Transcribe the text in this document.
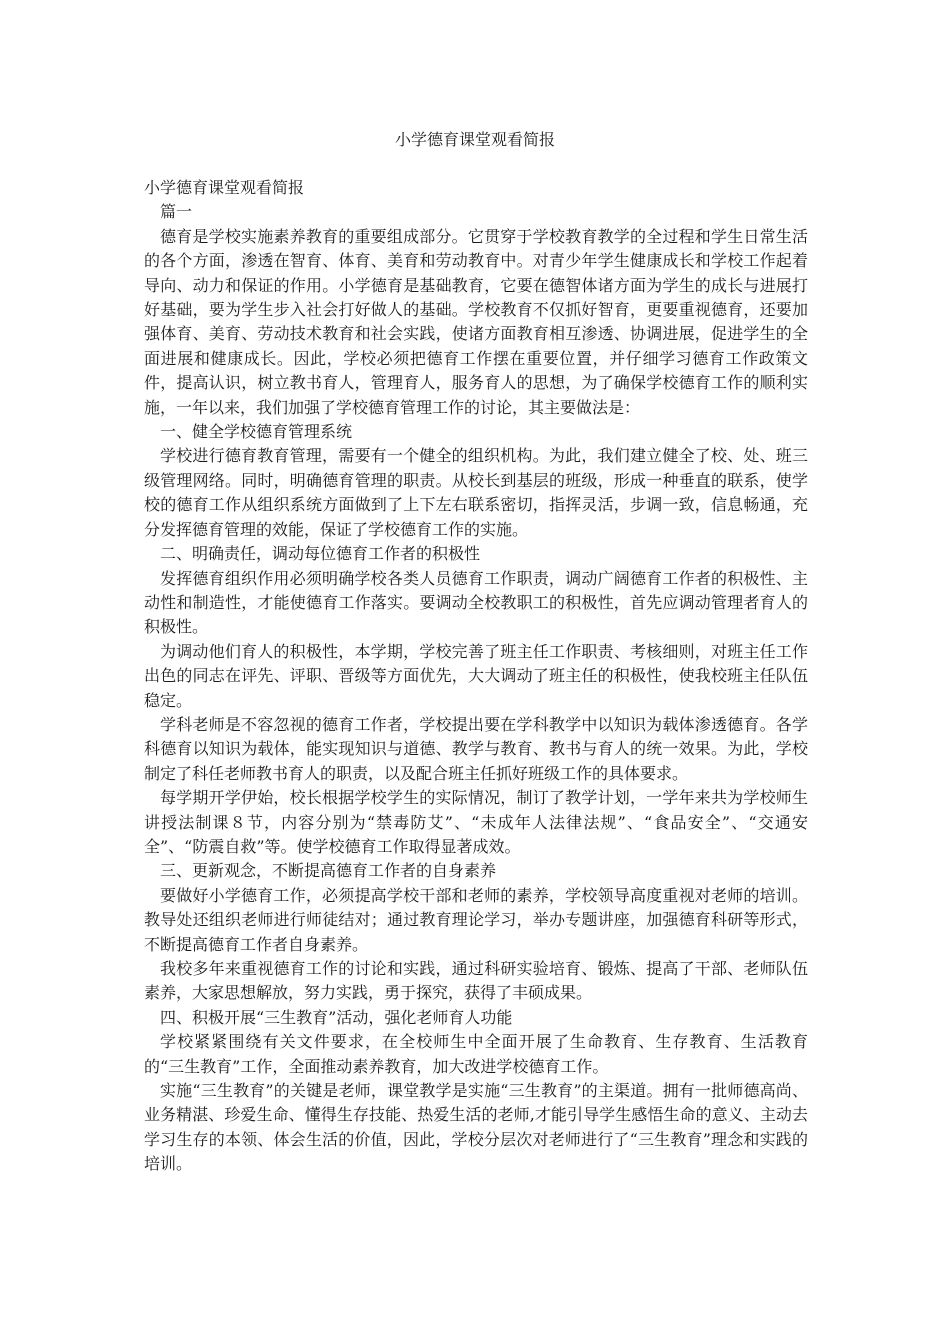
小学德育课堂观看简报

小学德育课堂观看简报

篇一

德育是学校实施素养教育的重要组成部分。它贯穿于学校教育教学的全过程和学生日常生活的各个方面，渗透在智育、体育、美育和劳动教育中。对青少年学生健康成长和学校工作起着导向、动力和保证的作用。小学德育是基础教育，它要在德智体诸方面为学生的成长与进展打好基础，要为学生步入社会打好做人的基础。学校教育不仅抓好智育，更要重视德育，还要加强体育、美育、劳动技术教育和社会实践，使诸方面教育相互渗透、协调进展，促进学生的全面进展和健康成长。因此，学校必须把德育工作摆在重要位置，并仔细学习德育工作政策文件，提高认识，树立教书育人，管理育人，服务育人的思想，为了确保学校德育工作的顺利实施，一年以来，我们加强了学校德育管理工作的讨论，其主要做法是：

一、健全学校德育管理系统

学校进行德育教育管理，需要有一个健全的组织机构。为此，我们建立健全了校、处、班三级管理网络。同时，明确德育管理的职责。从校长到基层的班级，形成一种垂直的联系，使学校的德育工作从组织系统方面做到了上下左右联系密切，指挥灵活，步调一致，信息畅通，充分发挥德育管理的效能，保证了学校德育工作的实施。

二、明确责任，调动每位德育工作者的积极性

发挥德育组织作用必须明确学校各类人员德育工作职责，调动广阔德育工作者的积极性、主动性和制造性，才能使德育工作落实。要调动全校教职工的积极性，首先应调动管理者育人的积极性。

为调动他们育人的积极性，本学期，学校完善了班主任工作职责、考核细则，对班主任工作出色的同志在评先、评职、晋级等方面优先，大大调动了班主任的积极性，使我校班主任队伍稳定。

学科老师是不容忽视的德育工作者，学校提出要在学科教学中以知识为载体渗透德育。各学科德育以知识为载体，能实现知识与道德、教学与教育、教书与育人的统一效果。为此，学校制定了科任老师教书育人的职责，以及配合班主任抓好班级工作的具体要求。

每学期开学伊始，校长根据学校学生的实际情况，制订了教学计划，一学年来共为学校师生讲授法制课８节，内容分别为“禁毒防艾”、“未成年人法律法规”、“食品安全”、“交通安全”、“防震自救”等。使学校德育工作取得显著成效。

三、更新观念，不断提高德育工作者的自身素养

要做好小学德育工作，必须提高学校干部和老师的素养，学校领导高度重视对老师的培训。教导处还组织老师进行师徒结对；通过教育理论学习，举办专题讲座，加强德育科研等形式，不断提高德育工作者自身素养。

我校多年来重视德育工作的讨论和实践，通过科研实验培育、锻炼、提高了干部、老师队伍素养，大家思想解放，努力实践，勇于探究，获得了丰硕成果。

四、积极开展“三生教育”活动，强化老师育人功能

学校紧紧围绕有关文件要求，在全校师生中全面开展了生命教育、生存教育、生活教育的“三生教育”工作，全面推动素养教育，加大改进学校德育工作。

实施“三生教育”的关键是老师，课堂教学是实施“三生教育”的主渠道。拥有一批师德高尚、业务精湛、珍爱生命、懂得生存技能、热爱生活的老师,才能引导学生感悟生命的意义、主动去学习生存的本领、体会生活的价值，因此，学校分层次对老师进行了“三生教育”理念和实践的培训。
